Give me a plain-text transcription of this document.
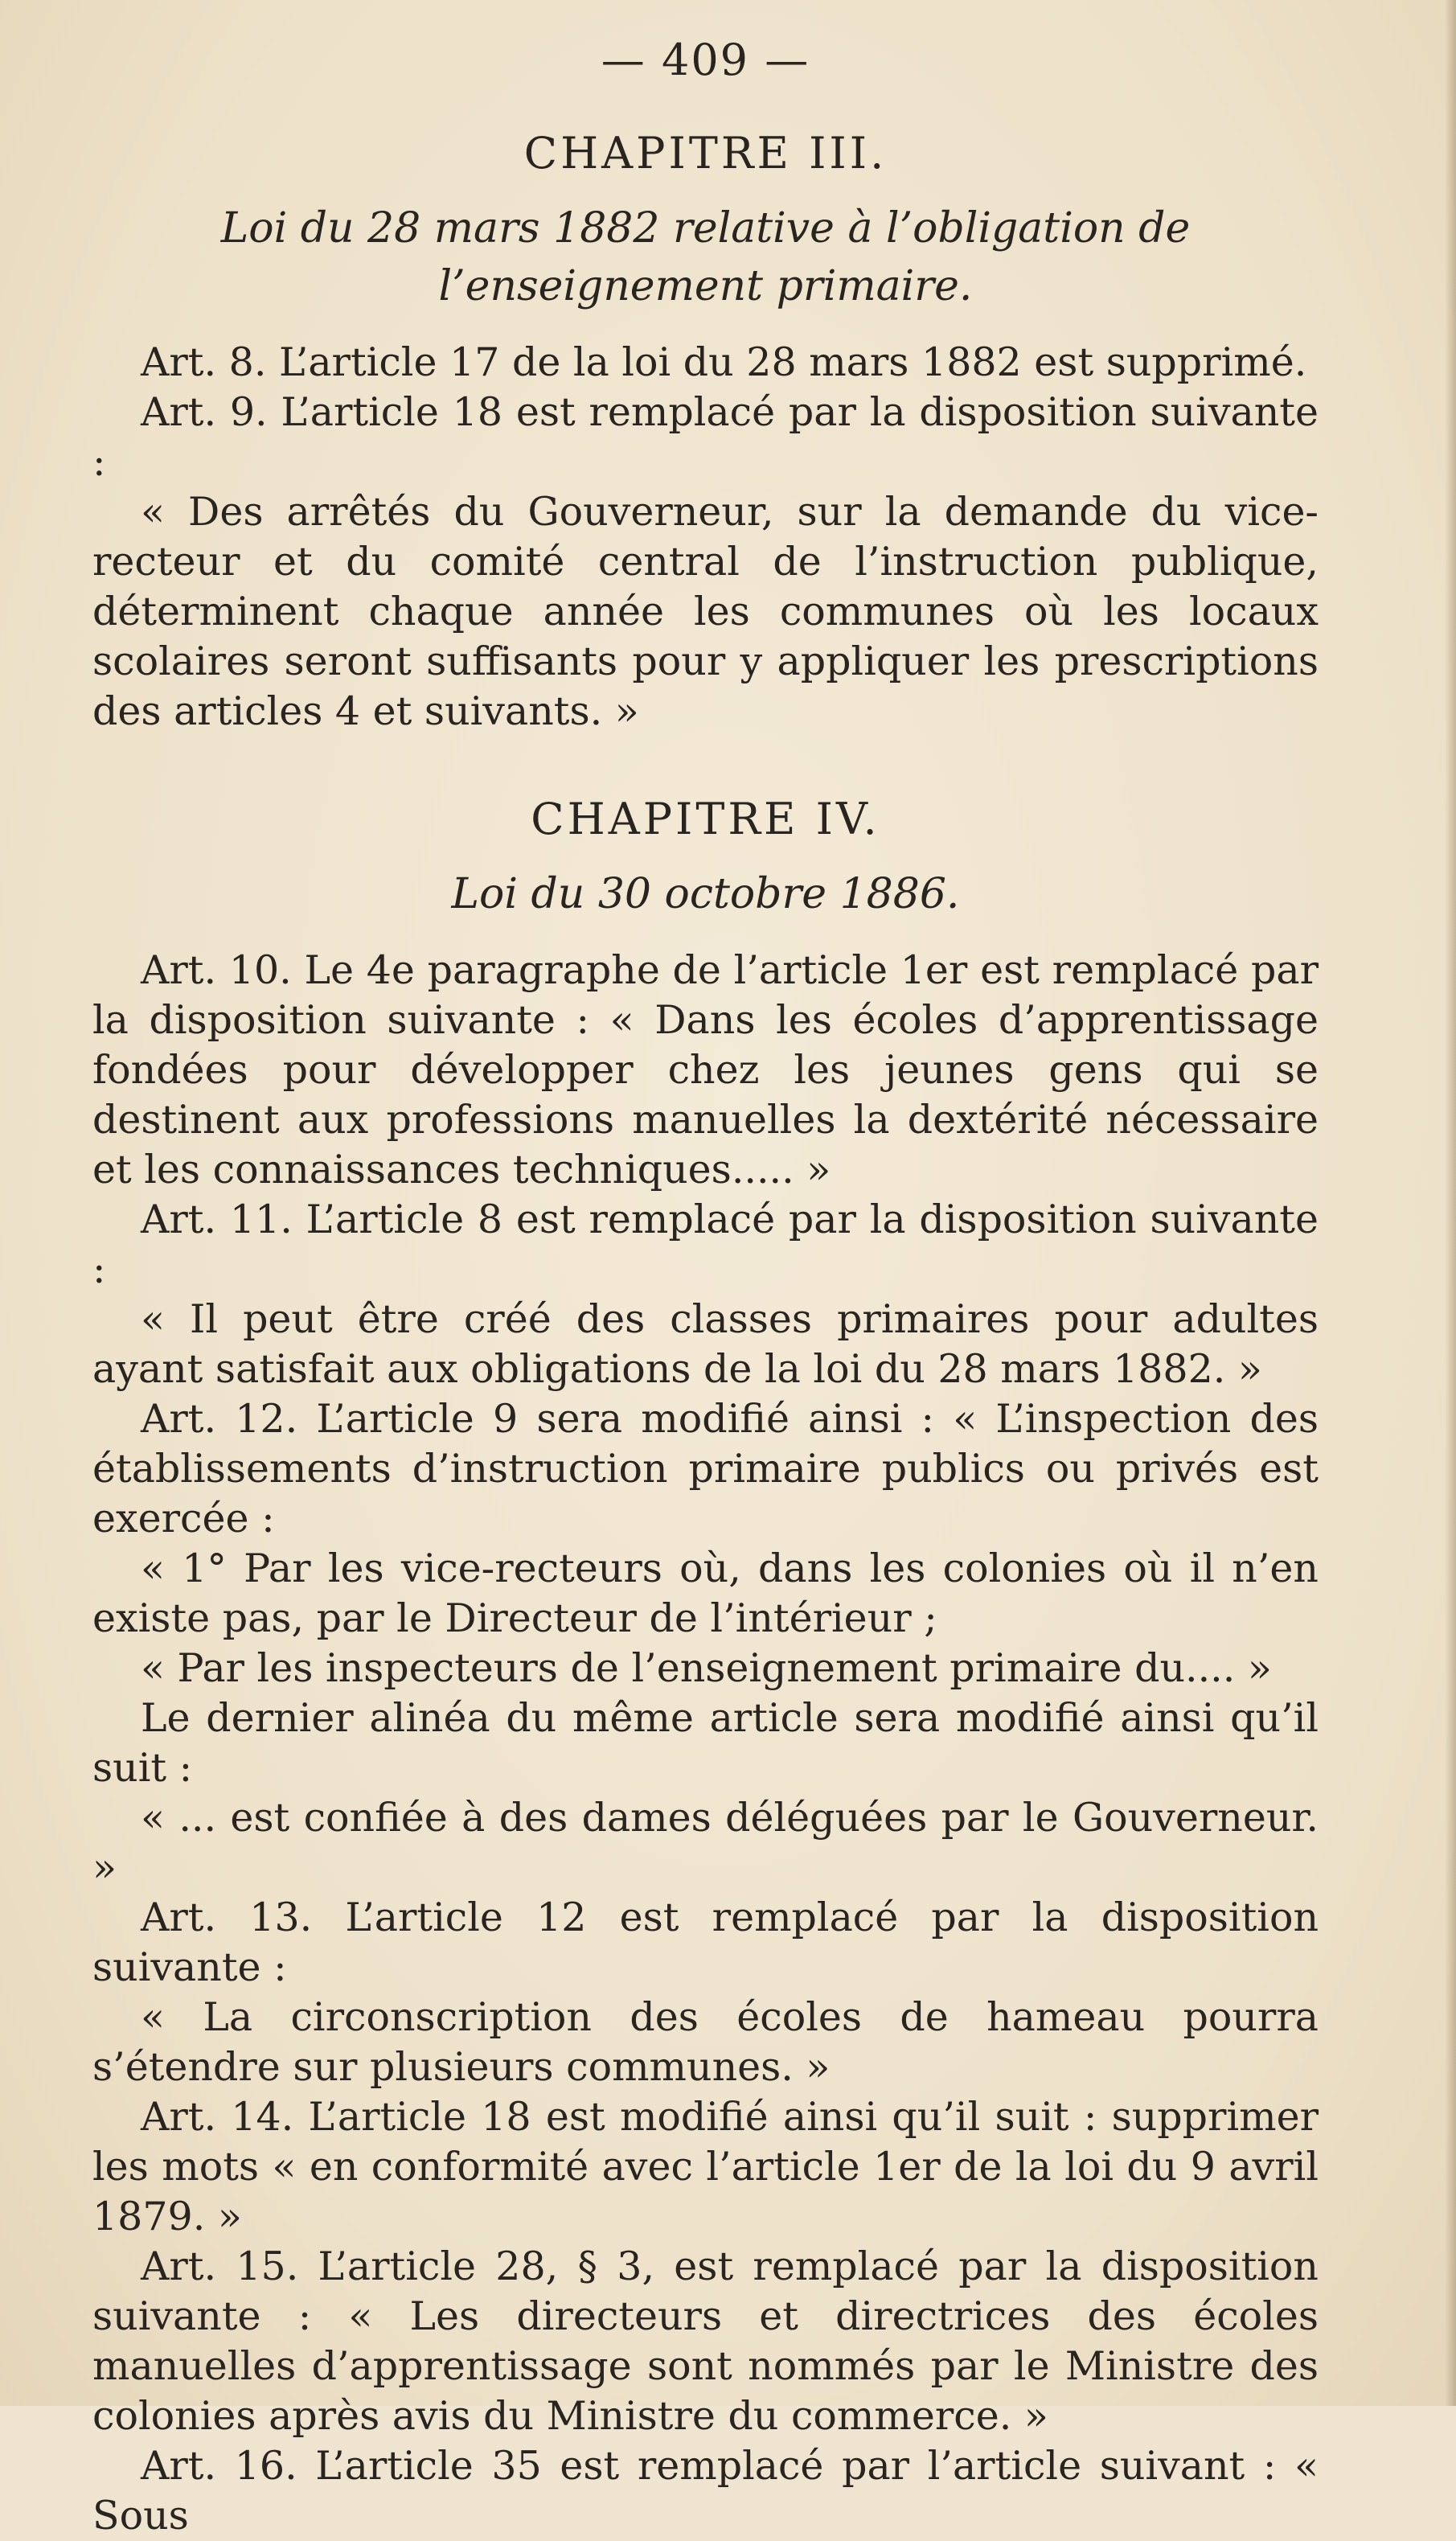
— 409 —
CHAPITRE III.
Loi du 28 mars 1882 relative à l’obligation de l’enseignement primaire.

Art. 8. L’article 17 de la loi du 28 mars 1882 est supprimé.

Art. 9. L’article 18 est remplacé par la disposition suivante :

« Des arrêtés du Gouverneur, sur la demande du vice-recteur et du comité central de l’instruction publique, déterminent chaque année les communes où les locaux scolaires seront suffisants pour y appliquer les prescriptions des articles 4 et suivants. »

CHAPITRE IV.
Loi du 30 octobre 1886.

Art. 10. Le 4e paragraphe de l’article 1er est remplacé par la disposition suivante : « Dans les écoles d’apprentissage fondées pour développer chez les jeunes gens qui se destinent aux professions manuelles la dextérité nécessaire et les connaissances techniques..... »

Art. 11. L’article 8 est remplacé par la disposition suivante :

« Il peut être créé des classes primaires pour adultes ayant satisfait aux obligations de la loi du 28 mars 1882. »

Art. 12. L’article 9 sera modifié ainsi : « L’inspection des établissements d’instruction primaire publics ou privés est exercée :

« 1° Par les vice-recteurs où, dans les colonies où il n’en existe pas, par le Directeur de l’intérieur ;

« Par les inspecteurs de l’enseignement primaire du.... »

Le dernier alinéa du même article sera modifié ainsi qu’il suit :

« ... est confiée à des dames déléguées par le Gouverneur. »

Art. 13. L’article 12 est remplacé par la disposition suivante :

« La circonscription des écoles de hameau pourra s’étendre sur plusieurs communes. »

Art. 14. L’article 18 est modifié ainsi qu’il suit : supprimer les mots « en conformité avec l’article 1er de la loi du 9 avril 1879. »

Art. 15. L’article 28, § 3, est remplacé par la disposition suivante : « Les directeurs et directrices des écoles manuelles d’apprentissage sont nommés par le Ministre des colonies après avis du Ministre du commerce. »

Art. 16. L’article 35 est remplacé par l’article suivant : « Sous
